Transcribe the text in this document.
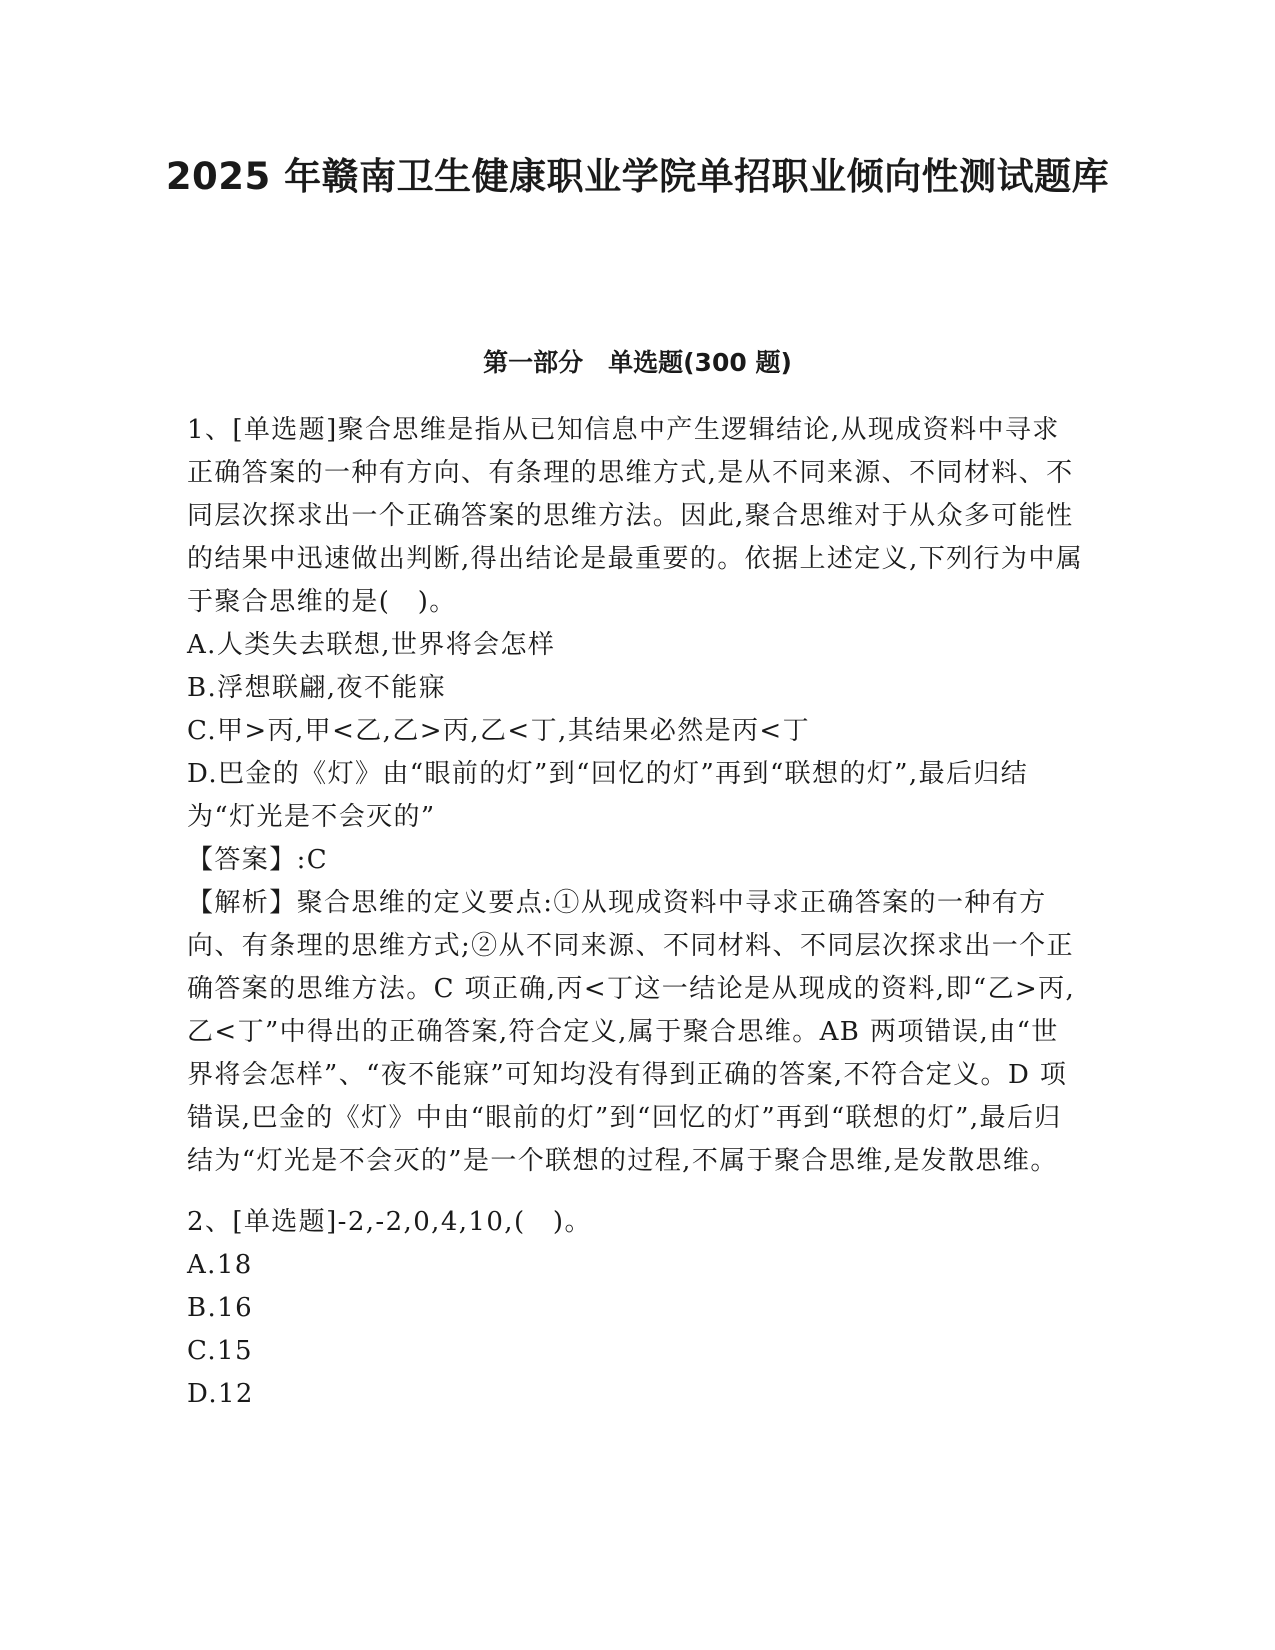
2025 年赣南卫生健康职业学院单招职业倾向性测试题库
第一部分　单选题(300 题)

1、[单选题]聚合思维是指从已知信息中产生逻辑结论,从现成资料中寻求正确答案的一种有方向、有条理的思维方式,是从不同来源、不同材料、不同层次探求出一个正确答案的思维方法。因此,聚合思维对于从众多可能性的结果中迅速做出判断,得出结论是最重要的。依据上述定义,下列行为中属于聚合思维的是(　)。

A.人类失去联想,世界将会怎样

B.浮想联翩,夜不能寐

C.甲>丙,甲<乙,乙>丙,乙<丁,其结果必然是丙<丁

D.巴金的《灯》由“眼前的灯”到“回忆的灯”再到“联想的灯”,最后归结为“灯光是不会灭的”

【答案】:C

【解析】聚合思维的定义要点:①从现成资料中寻求正确答案的一种有方向、有条理的思维方式;②从不同来源、不同材料、不同层次探求出一个正确答案的思维方法。C 项正确,丙<丁这一结论是从现成的资料,即“乙>丙,乙<丁”中得出的正确答案,符合定义,属于聚合思维。AB 两项错误,由“世界将会怎样”、“夜不能寐”可知均没有得到正确的答案,不符合定义。D 项错误,巴金的《灯》中由“眼前的灯”到“回忆的灯”再到“联想的灯”,最后归结为“灯光是不会灭的”是一个联想的过程,不属于聚合思维,是发散思维。

2、[单选题]-2,-2,0,4,10,(　)。

A.18

B.16

C.15

D.12
